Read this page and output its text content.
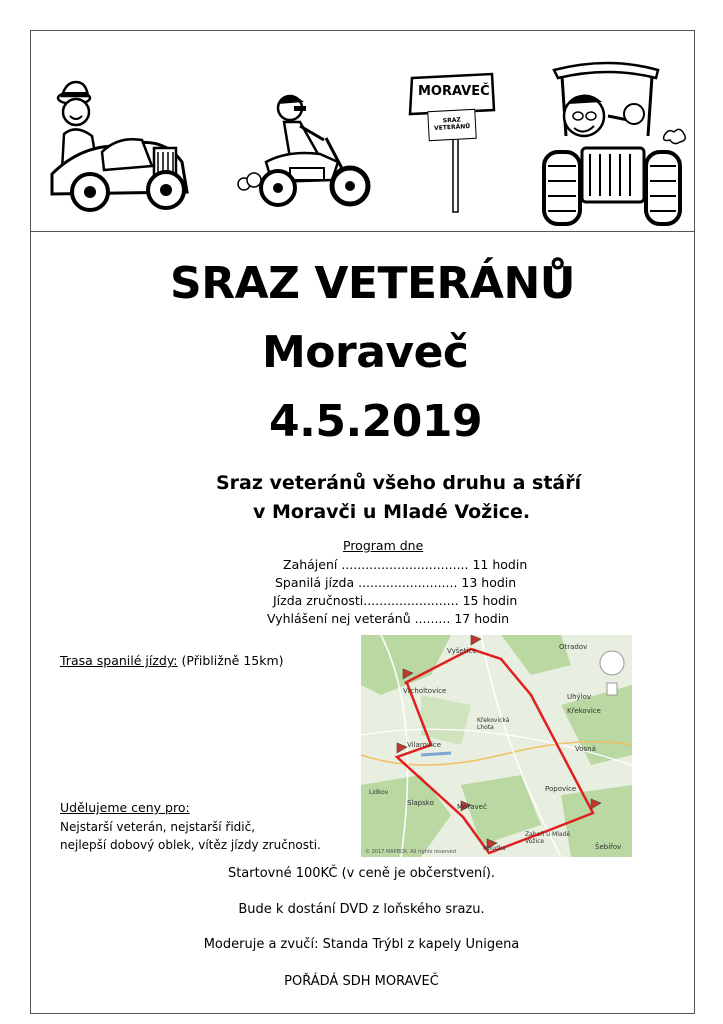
MORAVEČ
SRAZ
VETERÁNŮ
SRAZ VETERÁNŮ
Moraveč
4.5.2019
Sraz veteránů všeho druhu a stáří
v Moravči u Mladé Vožice.
Program dne
Zahájení ................................ 11 hodin
Spanilá jízda ......................... 13 hodin
Jízda zručnosti........................ 15 hodin
Vyhlášení nej veteránů ......... 17 hodin
Trasa spanilé jízdy: (Přibližně 15km)
Vyšetice	Otradov
Vrcholtovice
Uhýlov
Křekovice
Křekovická Lhota
Vilarovice	Vosná
Popovice
Slapsko	Moraveč
Zahoří u Mladé Vožice
Šebířov
Noudka
Lidkov
© 2017 MAPBOX. All rights reserved
Udělujeme ceny pro:
Nejstarší veterán, nejstarší řidič,
nejlepší dobový oblek, vítěz jízdy zručnosti.
Startovné 100KČ (v ceně je občerstvení).
Bude k dostání DVD z loňského srazu.
Moderuje a zvučí: Standa Trýbl z kapely Unigena
POŘÁDÁ SDH MORAVEČ
